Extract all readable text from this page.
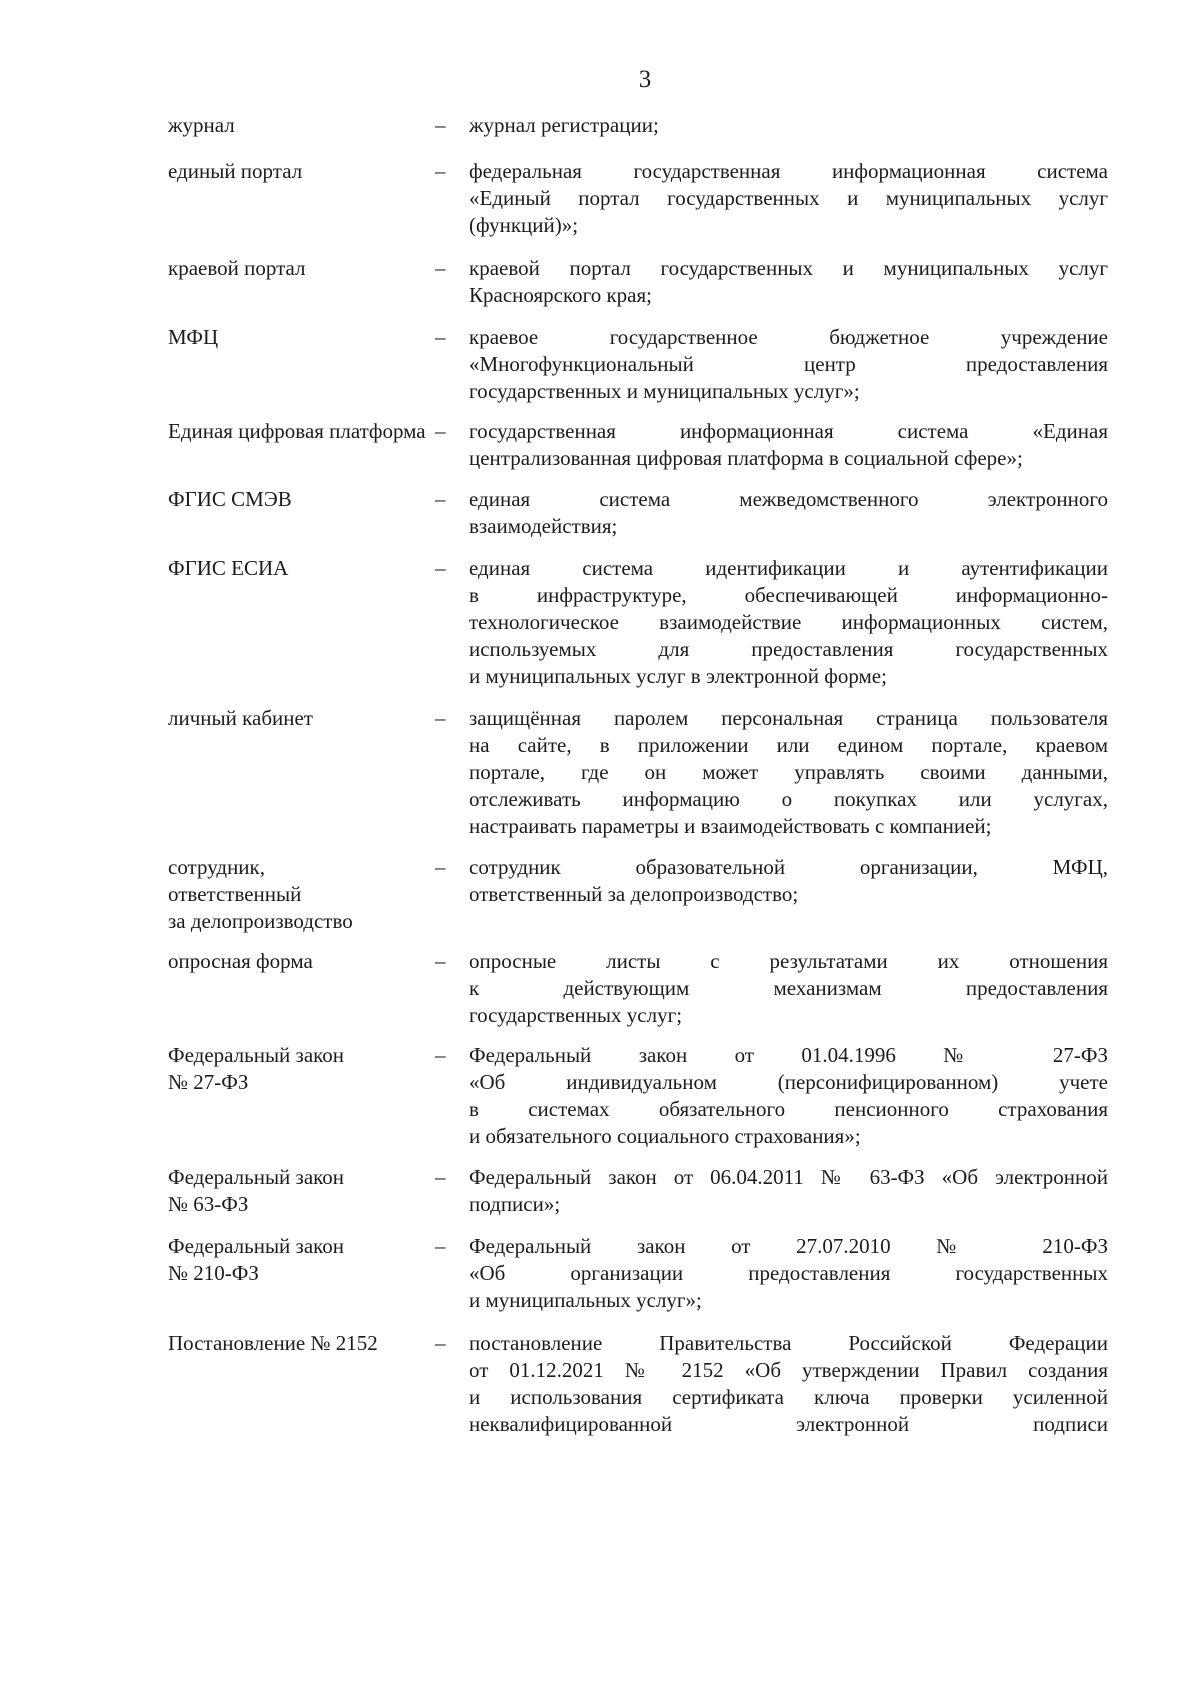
3
журнал	– журнал регистрации;
единый портал	– федеральная государственная информационная система
«Единый портал государственных и муниципальных услуг
(функций)»;
краевой портал	– краевой портал государственных и муниципальных услуг
Красноярского края;
МФЦ	– краевое государственное бюджетное учреждение
«Многофункциональный центр предоставления
государственных и муниципальных услуг»;
Единая цифровая платформа – государственная информационная система «Единая
централизованная цифровая платформа в социальной сфере»;
ФГИС СМЭВ	– единая система межведомственного электронного
взаимодействия;
ФГИС ЕСИА	– единая система идентификации и аутентификации
в инфраструктуре, обеспечивающей информационно-
технологическое взаимодействие информационных систем,
используемых для предоставления государственных
и муниципальных услуг в электронной форме;
личный кабинет	– защищённая паролем персональная страница пользователя
на сайте, в приложении или едином портале, краевом
портале, где он может управлять своими данными,
отслеживать информацию о покупках или услугах,
настраивать параметры и взаимодействовать с компанией;
сотрудник,
ответственный
за делопроизводство
– сотрудник образовательной организации, МФЦ,
ответственный за делопроизводство;
опросная форма	– опросные листы с результатами их отношения
к действующим механизмам предоставления
государственных услуг;
Федеральный закон
№ 27-ФЗ
– Федеральный закон от 01.04.1996 № 27-ФЗ
«Об индивидуальном (персонифицированном) учете
в системах обязательного пенсионного страхования
и обязательного социального страхования»;
Федеральный закон
№ 63-ФЗ
– Федеральный закон от 06.04.2011 № 63-ФЗ «Об электронной
подписи»;
Федеральный закон
№ 210-ФЗ
– Федеральный закон от 27.07.2010 № 210-ФЗ
«Об организации предоставления государственных
и муниципальных услуг»;
Постановление № 2152	– постановление Правительства Российской Федерации
от 01.12.2021 № 2152 «Об утверждении Правил создания
и использования сертификата ключа проверки усиленной
неквалифицированной электронной подписи
